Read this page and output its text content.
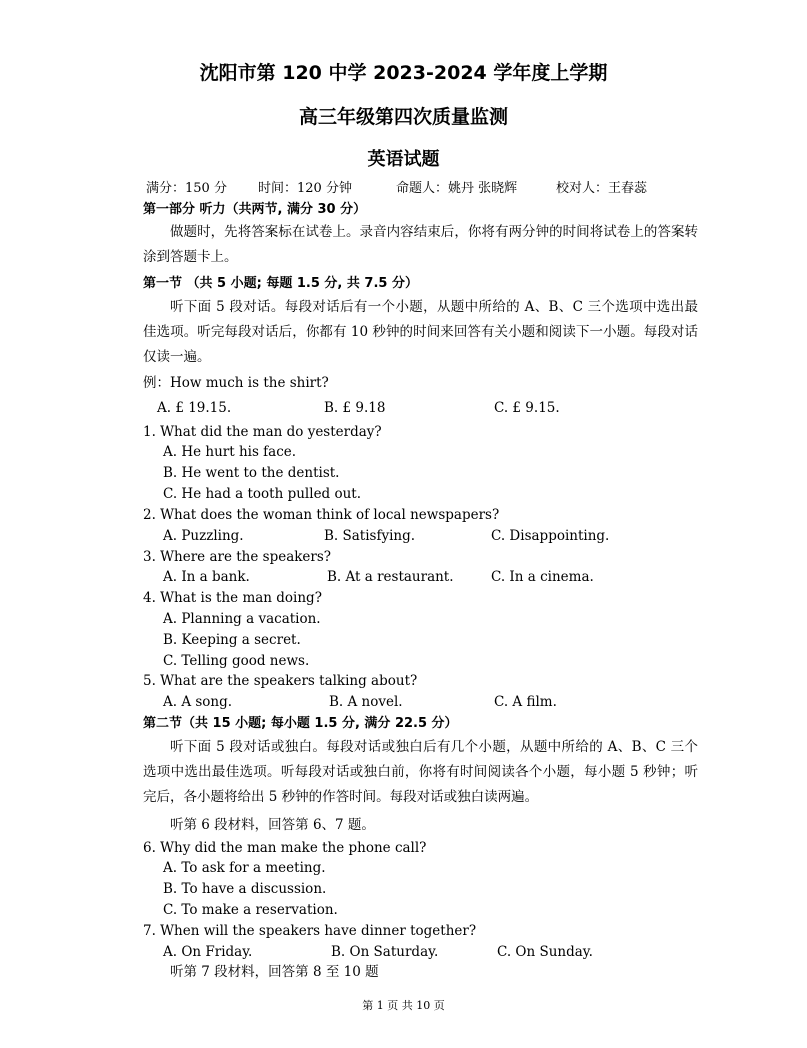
沈阳市第 120 中学 2023-2024 学年度上学期
高三年级第四次质量监测
英语试题
满分：150 分 时间：120 分钟	命题人：姚丹 张晓辉	校对人：王春蕊
第一部分 听力（共两节, 满分 30 分）
做题时，先将答案标在试卷上。录音内容结束后，你将有两分钟的时间将试卷上的答案转涂到答题卡上。
第一节 （共 5 小题; 每题 1.5 分, 共 7.5 分）
听下面 5 段对话。每段对话后有一个小题，从题中所给的 A、B、C 三个选项中选出最佳选项。听完每段对话后，你都有 10 秒钟的时间来回答有关小题和阅读下一小题。每段对话仅读一遍。
例：How much is the shirt?
A. £ 19.15.	B. £ 9.18	C. £ 9.15.
1. What did the man do yesterday?
A. He hurt his face.
B. He went to the dentist.
C. He had a tooth pulled out.
2. What does the woman think of local newspapers?
A. Puzzling.	B. Satisfying.	C. Disappointing.
3. Where are the speakers?
A. In a bank.	B. At a restaurant.	C. In a cinema.
4. What is the man doing?
A. Planning a vacation.
B. Keeping a secret.
C. Telling good news.
5. What are the speakers talking about?
A. A song.	B. A novel.	C. A film.
第二节（共 15 小题; 每小题 1.5 分, 满分 22.5 分）
听下面 5 段对话或独白。每段对话或独白后有几个小题，从题中所给的 A、B、C 三个选项中选出最佳选项。听每段对话或独白前，你将有时间阅读各个小题，每小题 5 秒钟；听完后，各小题将给出 5 秒钟的作答时间。每段对话或独白读两遍。
听第 6 段材料，回答第 6、7 题。
6. Why did the man make the phone call?
A. To ask for a meeting.
B. To have a discussion.
C. To make a reservation.
7. When will the speakers have dinner together?
A. On Friday.	B. On Saturday.	C. On Sunday.
听第 7 段材料，回答第 8 至 10 题
第 1 页 共 10 页
